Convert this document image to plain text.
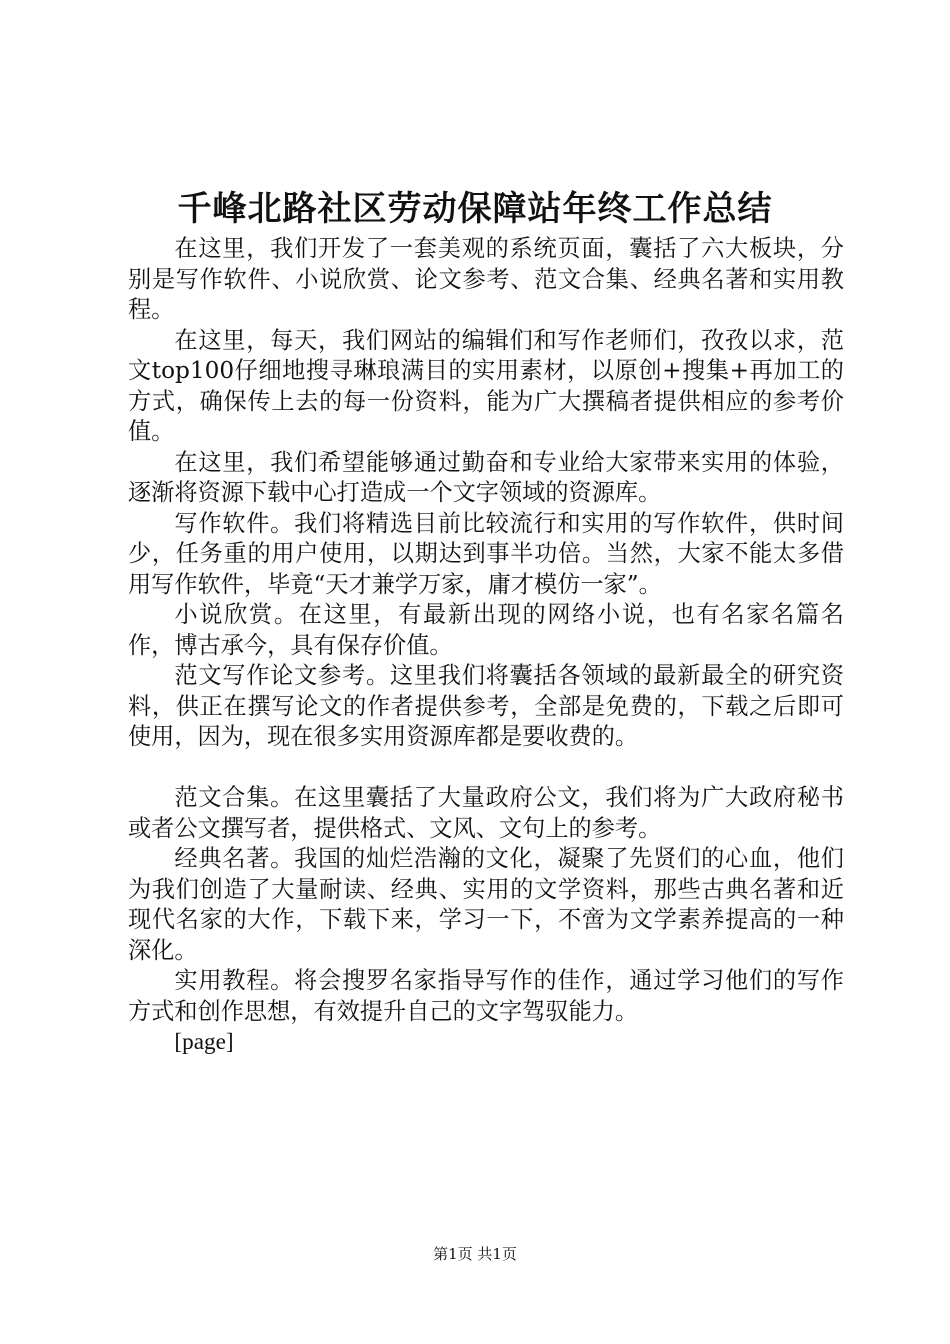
千峰北路社区劳动保障站年终工作总结

在这里，我们开发了一套美观的系统页面，囊括了六大板块，分别是写作软件、小说欣赏、论文参考、范文合集、经典名著和实用教程。

在这里，每天，我们网站的编辑们和写作老师们，孜孜以求，范文top100仔细地搜寻琳琅满目的实用素材，以原创+搜集+再加工的方式，确保传上去的每一份资料，能为广大撰稿者提供相应的参考价值。

在这里，我们希望能够通过勤奋和专业给大家带来实用的体验，逐渐将资源下载中心打造成一个文字领域的资源库。

写作软件。我们将精选目前比较流行和实用的写作软件，供时间少，任务重的用户使用，以期达到事半功倍。当然，大家不能太多借用写作软件，毕竟“天才兼学万家，庸才模仿一家”。

小说欣赏。在这里，有最新出现的网络小说，也有名家名篇名作，博古承今，具有保存价值。

范文写作论文参考。这里我们将囊括各领域的最新最全的研究资料，供正在撰写论文的作者提供参考，全部是免费的，下载之后即可使用，因为，现在很多实用资源库都是要收费的。

范文合集。在这里囊括了大量政府公文，我们将为广大政府秘书或者公文撰写者，提供格式、文风、文句上的参考。

经典名著。我国的灿烂浩瀚的文化，凝聚了先贤们的心血，他们为我们创造了大量耐读、经典、实用的文学资料，那些古典名著和近现代名家的大作，下载下来，学习一下，不啻为文学素养提高的一种深化。

实用教程。将会搜罗名家指导写作的佳作，通过学习他们的写作方式和创作思想，有效提升自己的文字驾驭能力。

[page]

第1页 共1页
